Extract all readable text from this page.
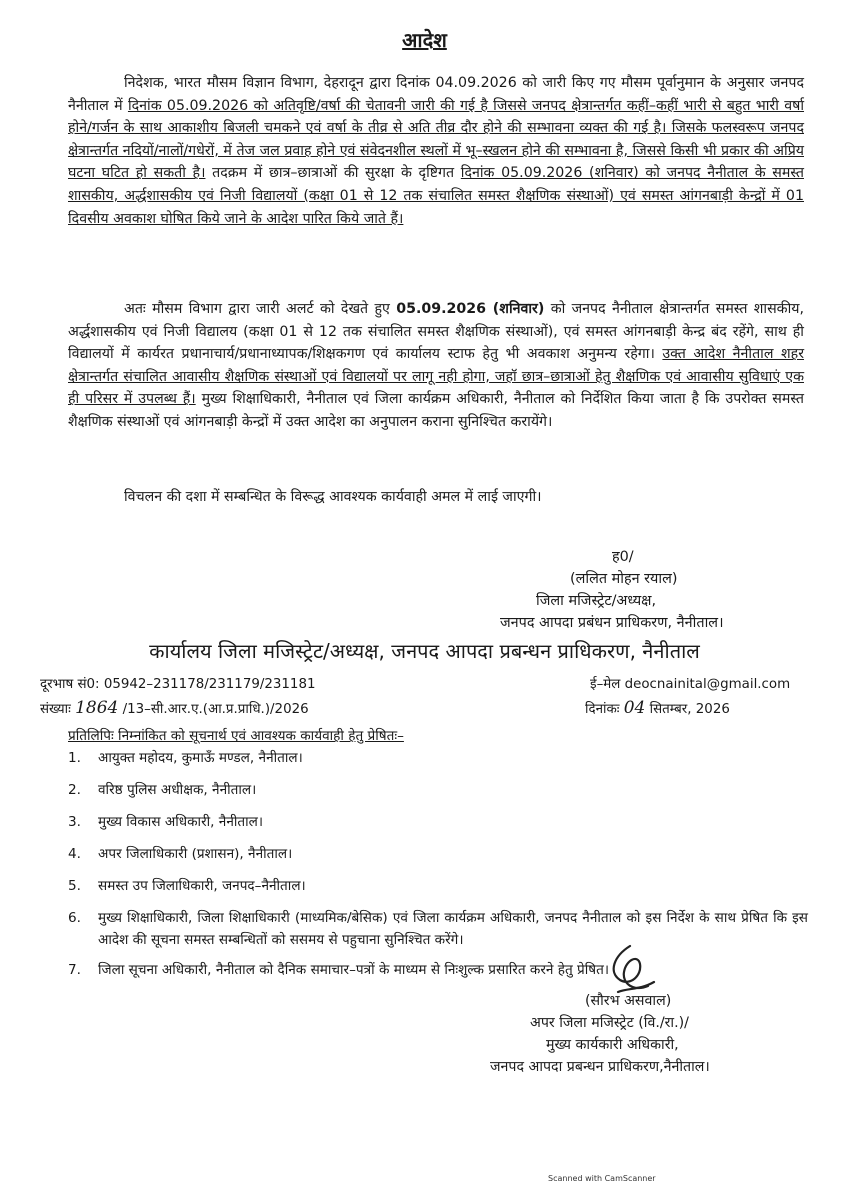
आदेश

निदेशक, भारत मौसम विज्ञान विभाग, देहरादून द्वारा दिनांक 04.09.2026 को जारी किए गए मौसम पूर्वानुमान के अनुसार जनपद नैनीताल में दिनांक 05.09.2026 को अतिवृष्टि/वर्षा की चेतावनी जारी की गई है जिससे जनपद क्षेत्रान्तर्गत कहीं–कहीं भारी से बहुत भारी वर्षा होने/गर्जन के साथ आकाशीय बिजली चमकने एवं वर्षा के तीव्र से अति तीव्र दौर होने की सम्भावना व्यक्त की गई है। जिसके फलस्वरूप जनपद क्षेत्रान्तर्गत नदियों/नालों/गधेरों, में तेज जल प्रवाह होने एवं संवेदनशील स्थलों में भू–स्खलन होने की सम्भावना है, जिससे किसी भी प्रकार की अप्रिय घटना घटित हो सकती है। तदक्रम में छात्र–छात्राओं की सुरक्षा के दृष्टिगत दिनांक 05.09.2026 (शनिवार) को जनपद नैनीताल के समस्त शासकीय, अर्द्धशासकीय एवं निजी विद्यालयों (कक्षा 01 से 12 तक संचालित समस्त शैक्षणिक संस्थाओं) एवं समस्त आंगनबाड़ी केन्द्रों में 01 दिवसीय अवकाश घोषित किये जाने के आदेश पारित किये जाते हैं।

अतः मौसम विभाग द्वारा जारी अलर्ट को देखते हुए 05.09.2026 (शनिवार) को जनपद नैनीताल क्षेत्रान्तर्गत समस्त शासकीय, अर्द्धशासकीय एवं निजी विद्यालय (कक्षा 01 से 12 तक संचालित समस्त शैक्षणिक संस्थाओं), एवं समस्त आंगनबाड़ी केन्द्र बंद रहेंगे, साथ ही विद्यालयों में कार्यरत प्रधानाचार्य/प्रधानाध्यापक/शिक्षकगण एवं कार्यालय स्टाफ हेतु भी अवकाश अनुमन्य रहेगा। उक्त आदेश नैनीताल शहर क्षेत्रान्तर्गत संचालित आवासीय शैक्षणिक संस्थाओं एवं विद्यालयों पर लागू नही होगा, जहॉ छात्र–छात्राओं हेतु शैक्षणिक एवं आवासीय सुविधाएं एक ही परिसर में उपलब्ध हैं। मुख्य शिक्षाधिकारी, नैनीताल एवं जिला कार्यक्रम अधिकारी, नैनीताल को निर्देशित किया जाता है कि उपरोक्त समस्त शैक्षणिक संस्थाओं एवं आंगनबाड़ी केन्द्रों में उक्त आदेश का अनुपालन कराना सुनिश्चित करायेंगे।

विचलन की दशा में सम्बन्धित के विरूद्ध आवश्यक कार्यवाही अमल में लाई जाएगी।

ह0/
(ललित मोहन रयाल)
जिला मजिस्ट्रेट/अध्यक्ष,
जनपद आपदा प्रबंधन प्राधिकरण, नैनीताल।
कार्यालय जिला मजिस्ट्रेट/अध्यक्ष, जनपद आपदा प्रबन्धन प्राधिकरण, नैनीताल
दूरभाष सं0: 05942–231178/231179/231181	ई–मेल deocnainital@gmail.com
संख्याः 1864 /13–सी.आर.ए.(आ.प्र.प्राधि.)/2026	दिनांकः 04 सितम्बर, 2026
प्रतिलिपिः निम्नांकित को सूचनार्थ एवं आवश्यक कार्यवाही हेतु प्रेषितः–
1. आयुक्त महोदय, कुमाऊँ मण्डल, नैनीताल।
2. वरिष्ठ पुलिस अधीक्षक, नैनीताल।
3. मुख्य विकास अधिकारी, नैनीताल।
4. अपर जिलाधिकारी (प्रशासन), नैनीताल।
5. समस्त उप जिलाधिकारी, जनपद–नैनीताल।
6. मुख्य शिक्षाधिकारी, जिला शिक्षाधिकारी (माध्यमिक/बेसिक) एवं जिला कार्यक्रम अधिकारी, जनपद नैनीताल को इस निर्देश के साथ प्रेषित कि इस आदेश की सूचना समस्त सम्बन्धितों को ससमय से पहुचाना सुनिश्चित करेंगे।
7. जिला सूचना अधिकारी, नैनीताल को दैनिक समाचार–पत्रों के माध्यम से निःशुल्क प्रसारित करने हेतु प्रेषित।
(सौरभ असवाल)
अपर जिला मजिस्ट्रेट (वि./रा.)/
मुख्य कार्यकारी अधिकारी,
जनपद आपदा प्रबन्धन प्राधिकरण,नैनीताल।
Scanned with CamScanner
